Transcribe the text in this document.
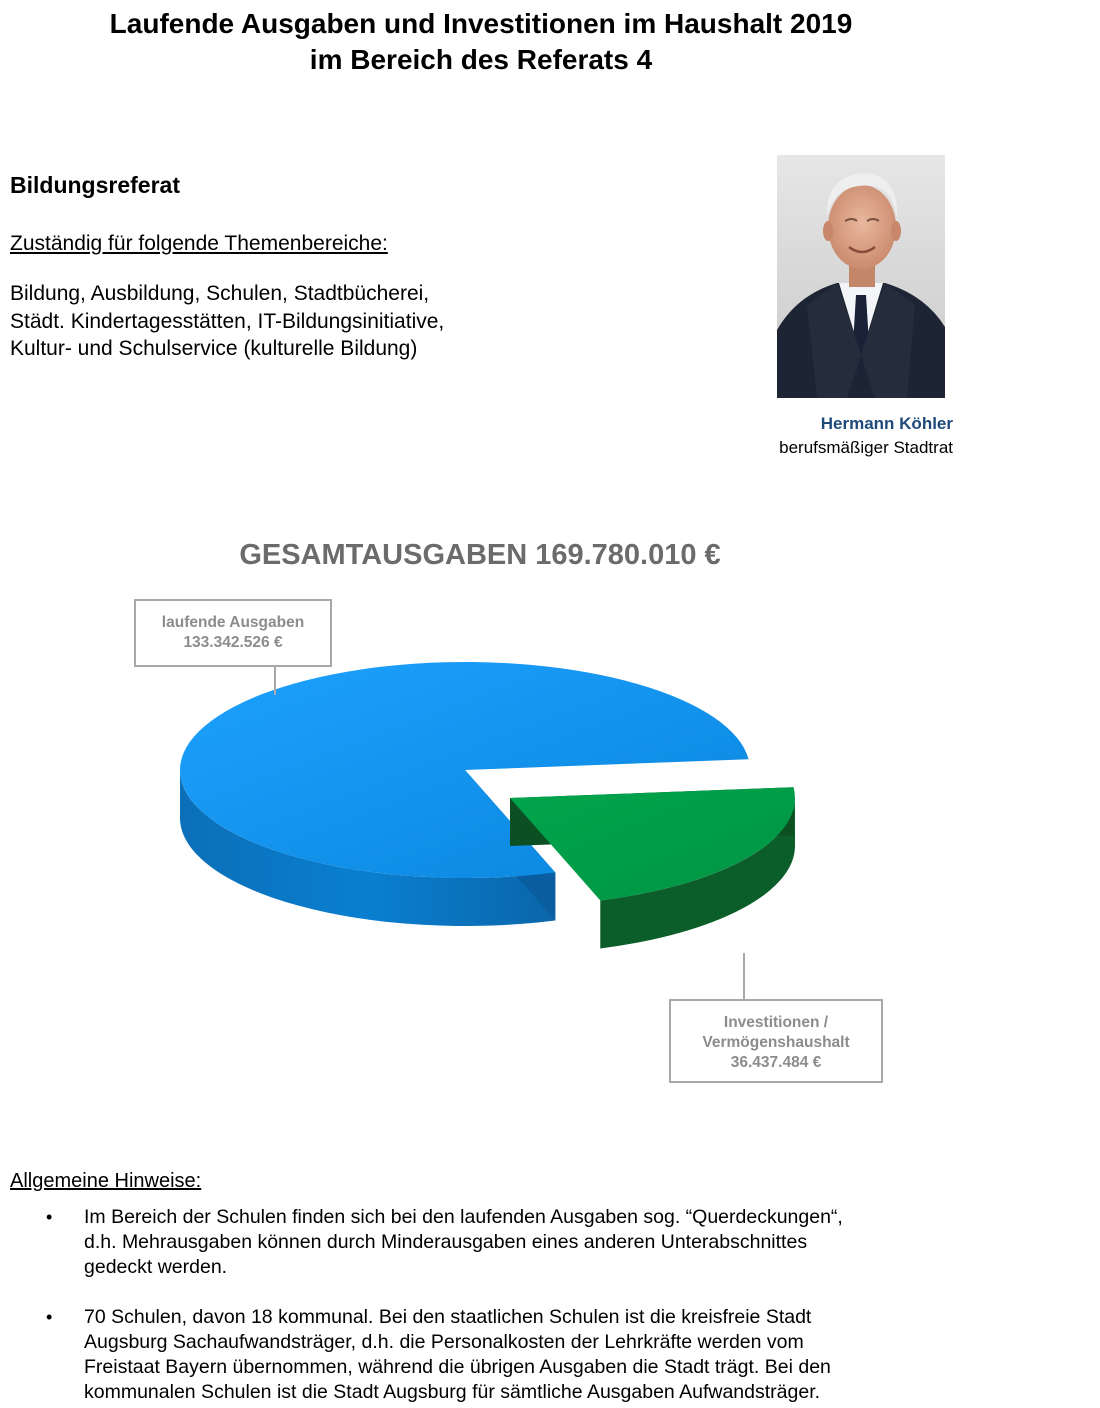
Laufende Ausgaben und Investitionen im Haushalt 2019
im Bereich des Referats 4
Bildungsreferat
Zuständig für folgende Themenbereiche:
Bildung, Ausbildung, Schulen, Stadtbücherei,
Städt. Kindertagesstätten, IT-Bildungsinitiative,
Kultur- und Schulservice (kulturelle Bildung)
Hermann Köhler
berufsmäßiger Stadtrat
GESAMTAUSGABEN 169.780.010 €
laufende Ausgaben
133.342.526 €
Investitionen /
Vermögenshaushalt
36.437.484 €
Allgemeine Hinweise:
• Im Bereich der Schulen finden sich bei den laufenden Ausgaben sog. “Querdeckungen“,
d.h. Mehrausgaben können durch Minderausgaben eines anderen Unterabschnittes
gedeckt werden.
• 70 Schulen, davon 18 kommunal. Bei den staatlichen Schulen ist die kreisfreie Stadt
Augsburg Sachaufwandsträger, d.h. die Personalkosten der Lehrkräfte werden vom
Freistaat Bayern übernommen, während die übrigen Ausgaben die Stadt trägt. Bei den
kommunalen Schulen ist die Stadt Augsburg für sämtliche Ausgaben Aufwandsträger.
